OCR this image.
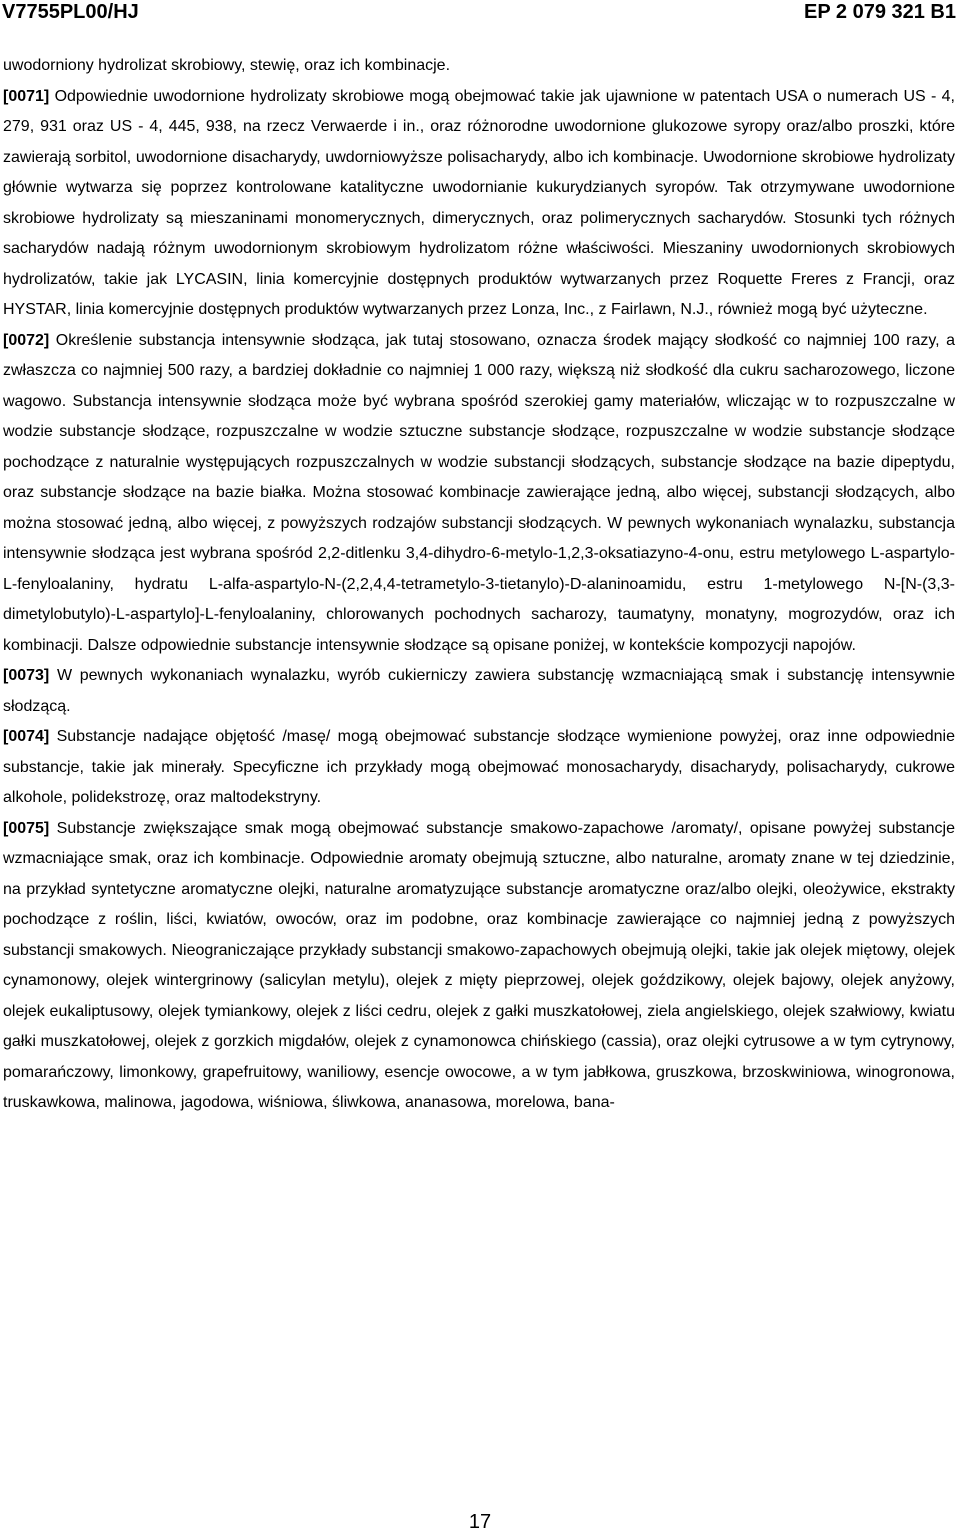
V7755PL00/HJ	EP 2 079 321 B1

uwodorniony hydrolizat skrobiowy, stewię, oraz ich kombinacje.

[0071] Odpowiednie uwodornione hydrolizaty skrobiowe mogą obejmować takie jak ujawnione w patentach USA o numerach US - 4, 279, 931 oraz US - 4, 445, 938, na rzecz Verwaerde i in., oraz różnorodne uwodornione glukozowe syropy oraz/albo proszki, które zawierają sorbitol, uwodornione disacharydy, uwdorniowyższe polisacharydy, albo ich kombinacje. Uwodornione skrobiowe hydrolizaty głównie wytwarza się poprzez kontrolowane katalityczne uwodornianie kukurydzianych syropów. Tak otrzymywane uwodornione skrobiowe hydrolizaty są mieszaninami monomerycznych, dimerycznych, oraz polimerycznych sacharydów. Stosunki tych różnych sacharydów nadają różnym uwodornionym skrobiowym hydrolizatom różne właściwości. Mieszaniny uwodornionych skrobiowych hydrolizatów, takie jak LYCASIN, linia komercyjnie dostępnych produktów wytwarzanych przez Roquette Freres z Francji, oraz HYSTAR, linia komercyjnie dostępnych produktów wytwarzanych przez Lonza, Inc., z Fairlawn, N.J., również mogą być użyteczne.

[0072] Określenie substancja intensywnie słodząca, jak tutaj stosowano, oznacza środek mający słodkość co najmniej 100 razy, a zwłaszcza co najmniej 500 razy, a bardziej dokładnie co najmniej 1 000 razy, większą niż słodkość dla cukru sacharozowego, liczone wagowo. Substancja intensywnie słodząca może być wybrana spośród szerokiej gamy materiałów, wliczając w to rozpuszczalne w wodzie substancje słodzące, rozpuszczalne w wodzie sztuczne substancje słodzące, rozpuszczalne w wodzie substancje słodzące pochodzące z naturalnie występujących rozpuszczalnych w wodzie substancji słodzących, substancje słodzące na bazie dipeptydu, oraz substancje słodzące na bazie białka. Można stosować kombinacje zawierające jedną, albo więcej, substancji słodzących, albo można stosować jedną, albo więcej, z powyższych rodzajów substancji słodzących. W pewnych wykonaniach wynalazku, substancja intensywnie słodząca jest wybrana spośród 2,2-ditlenku 3,4-dihydro-6-metylo-1,2,3-oksatiazyno-4-onu, estru metylowego L-aspartylo-L-fenyloalaniny, hydratu L-alfa-aspartylo-N-(2,2,4,4-tetrametylo-3-tietanylo)-D-alaninoamidu, estru 1-metylowego N-[N-(3,3-dimetylobutylo)-L-aspartylo]-L-fenyloalaniny, chlorowanych pochodnych sacharozy, taumatyny, monatyny, mogrozydów, oraz ich kombinacji. Dalsze odpowiednie substancje intensywnie słodzące są opisane poniżej, w kontekście kompozycji napojów.

[0073] W pewnych wykonaniach wynalazku, wyrób cukierniczy zawiera substancję wzmacniającą smak i substancję intensywnie słodzącą.

[0074] Substancje nadające objętość /masę/ mogą obejmować substancje słodzące wymienione powyżej, oraz inne odpowiednie substancje, takie jak minerały. Specyficzne ich przykłady mogą obejmować monosacharydy, disacharydy, polisacharydy, cukrowe alkohole, polidekstrozę, oraz maltodekstryny.

[0075] Substancje zwiększające smak mogą obejmować substancje smakowo-zapachowe /aromaty/, opisane powyżej substancje wzmacniające smak, oraz ich kombinacje. Odpowiednie aromaty obejmują sztuczne, albo naturalne, aromaty znane w tej dziedzinie, na przykład syntetyczne aromatyczne olejki, naturalne aromatyzujące substancje aromatyczne oraz/albo olejki, oleożywice, ekstrakty pochodzące z roślin, liści, kwiatów, owoców, oraz im podobne, oraz kombinacje zawierające co najmniej jedną z powyższych substancji smakowych. Nieograniczające przykłady substancji smakowo-zapachowych obejmują olejki, takie jak olejek miętowy, olejek cynamonowy, olejek wintergrinowy (salicylan metylu), olejek z mięty pieprzowej, olejek goździkowy, olejek bajowy, olejek anyżowy, olejek eukaliptusowy, olejek tymiankowy, olejek z liści cedru, olejek z gałki muszkatołowej, ziela angielskiego, olejek szałwiowy, kwiatu gałki muszkatołowej, olejek z gorzkich migdałów, olejek z cynamonowca chińskiego (cassia), oraz olejki cytrusowe a w tym cytrynowy, pomarańczowy, limonkowy, grapefruitowy, waniliowy, esencje owocowe, a w tym jabłkowa, gruszkowa, brzoskwiniowa, winogronowa, truskawkowa, malinowa, jagodowa, wiśniowa, śliwkowa, ananasowa, morelowa, bana-

17
